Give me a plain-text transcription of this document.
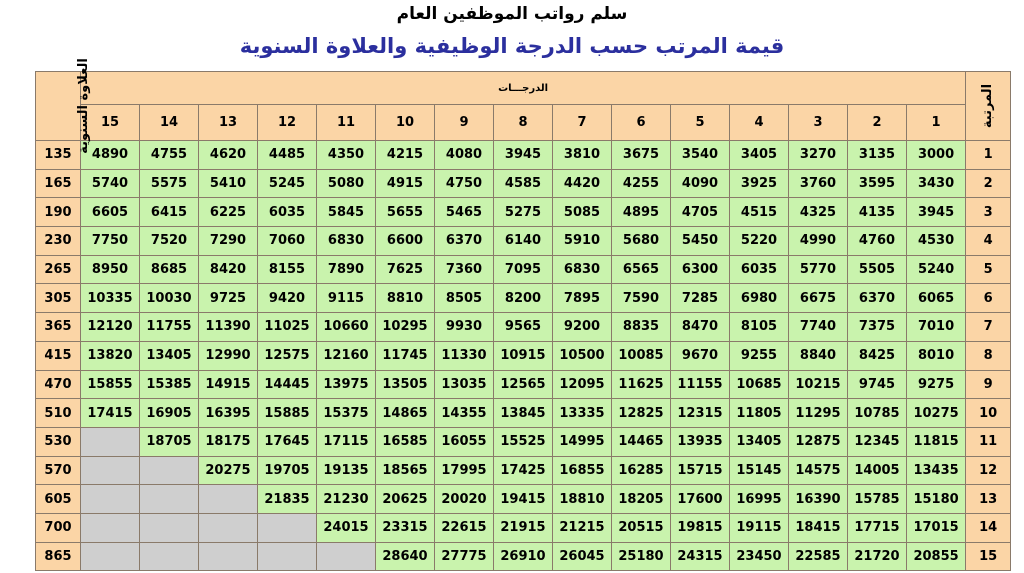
سلم رواتب الموظفين العام
قيمة المرتب حسب الدرجة الوظيفية والعلاوة السنوية
العلاوة السنوية	الدرجـــات															المرتبة
	15	14	13	12	11	10	9	8	7	6	5	4	3	2	1	
135	4890	4755	4620	4485	4350	4215	4080	3945	3810	3675	3540	3405	3270	3135	3000	1
165	5740	5575	5410	5245	5080	4915	4750	4585	4420	4255	4090	3925	3760	3595	3430	2
190	6605	6415	6225	6035	5845	5655	5465	5275	5085	4895	4705	4515	4325	4135	3945	3
230	7750	7520	7290	7060	6830	6600	6370	6140	5910	5680	5450	5220	4990	4760	4530	4
265	8950	8685	8420	8155	7890	7625	7360	7095	6830	6565	6300	6035	5770	5505	5240	5
305	10335	10030	9725	9420	9115	8810	8505	8200	7895	7590	7285	6980	6675	6370	6065	6
365	12120	11755	11390	11025	10660	10295	9930	9565	9200	8835	8470	8105	7740	7375	7010	7
415	13820	13405	12990	12575	12160	11745	11330	10915	10500	10085	9670	9255	8840	8425	8010	8
470	15855	15385	14915	14445	13975	13505	13035	12565	12095	11625	11155	10685	10215	9745	9275	9
510	17415	16905	16395	15885	15375	14865	14355	13845	13335	12825	12315	11805	11295	10785	10275	10
530		18705	18175	17645	17115	16585	16055	15525	14995	14465	13935	13405	12875	12345	11815	11
570			20275	19705	19135	18565	17995	17425	16855	16285	15715	15145	14575	14005	13435	12
605				21835	21230	20625	20020	19415	18810	18205	17600	16995	16390	15785	15180	13
700					24015	23315	22615	21915	21215	20515	19815	19115	18415	17715	17015	14
865						28640	27775	26910	26045	25180	24315	23450	22585	21720	20855	15
